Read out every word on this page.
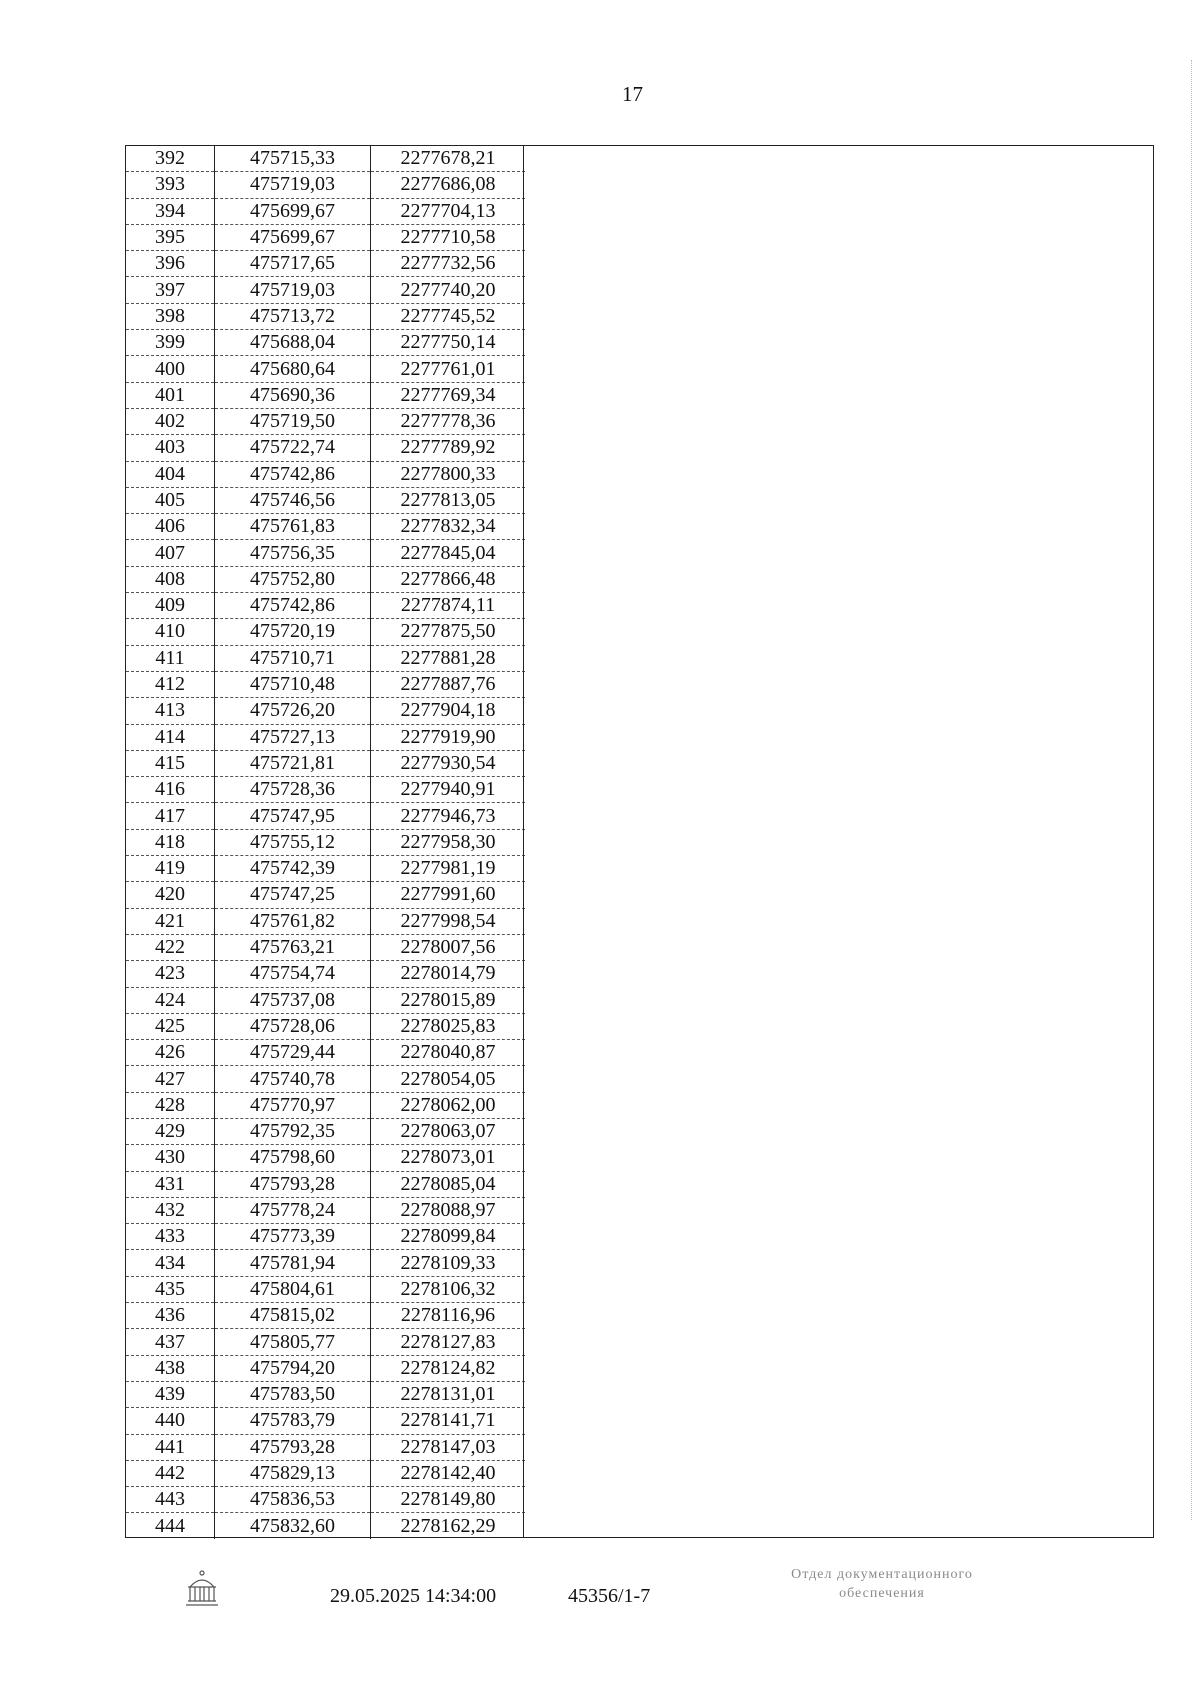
17
392	475715,33	2277678,21
393	475719,03	2277686,08
394	475699,67	2277704,13
395	475699,67	2277710,58
396	475717,65	2277732,56
397	475719,03	2277740,20
398	475713,72	2277745,52
399	475688,04	2277750,14
400	475680,64	2277761,01
401	475690,36	2277769,34
402	475719,50	2277778,36
403	475722,74	2277789,92
404	475742,86	2277800,33
405	475746,56	2277813,05
406	475761,83	2277832,34
407	475756,35	2277845,04
408	475752,80	2277866,48
409	475742,86	2277874,11
410	475720,19	2277875,50
411	475710,71	2277881,28
412	475710,48	2277887,76
413	475726,20	2277904,18
414	475727,13	2277919,90
415	475721,81	2277930,54
416	475728,36	2277940,91
417	475747,95	2277946,73
418	475755,12	2277958,30
419	475742,39	2277981,19
420	475747,25	2277991,60
421	475761,82	2277998,54
422	475763,21	2278007,56
423	475754,74	2278014,79
424	475737,08	2278015,89
425	475728,06	2278025,83
426	475729,44	2278040,87
427	475740,78	2278054,05
428	475770,97	2278062,00
429	475792,35	2278063,07
430	475798,60	2278073,01
431	475793,28	2278085,04
432	475778,24	2278088,97
433	475773,39	2278099,84
434	475781,94	2278109,33
435	475804,61	2278106,32
436	475815,02	2278116,96
437	475805,77	2278127,83
438	475794,20	2278124,82
439	475783,50	2278131,01
440	475783,79	2278141,71
441	475793,28	2278147,03
442	475829,13	2278142,40
443	475836,53	2278149,80
444	475832,60	2278162,29
29.05.2025 14:34:00	45356/1-7
Отдел документационного
обеспечения
